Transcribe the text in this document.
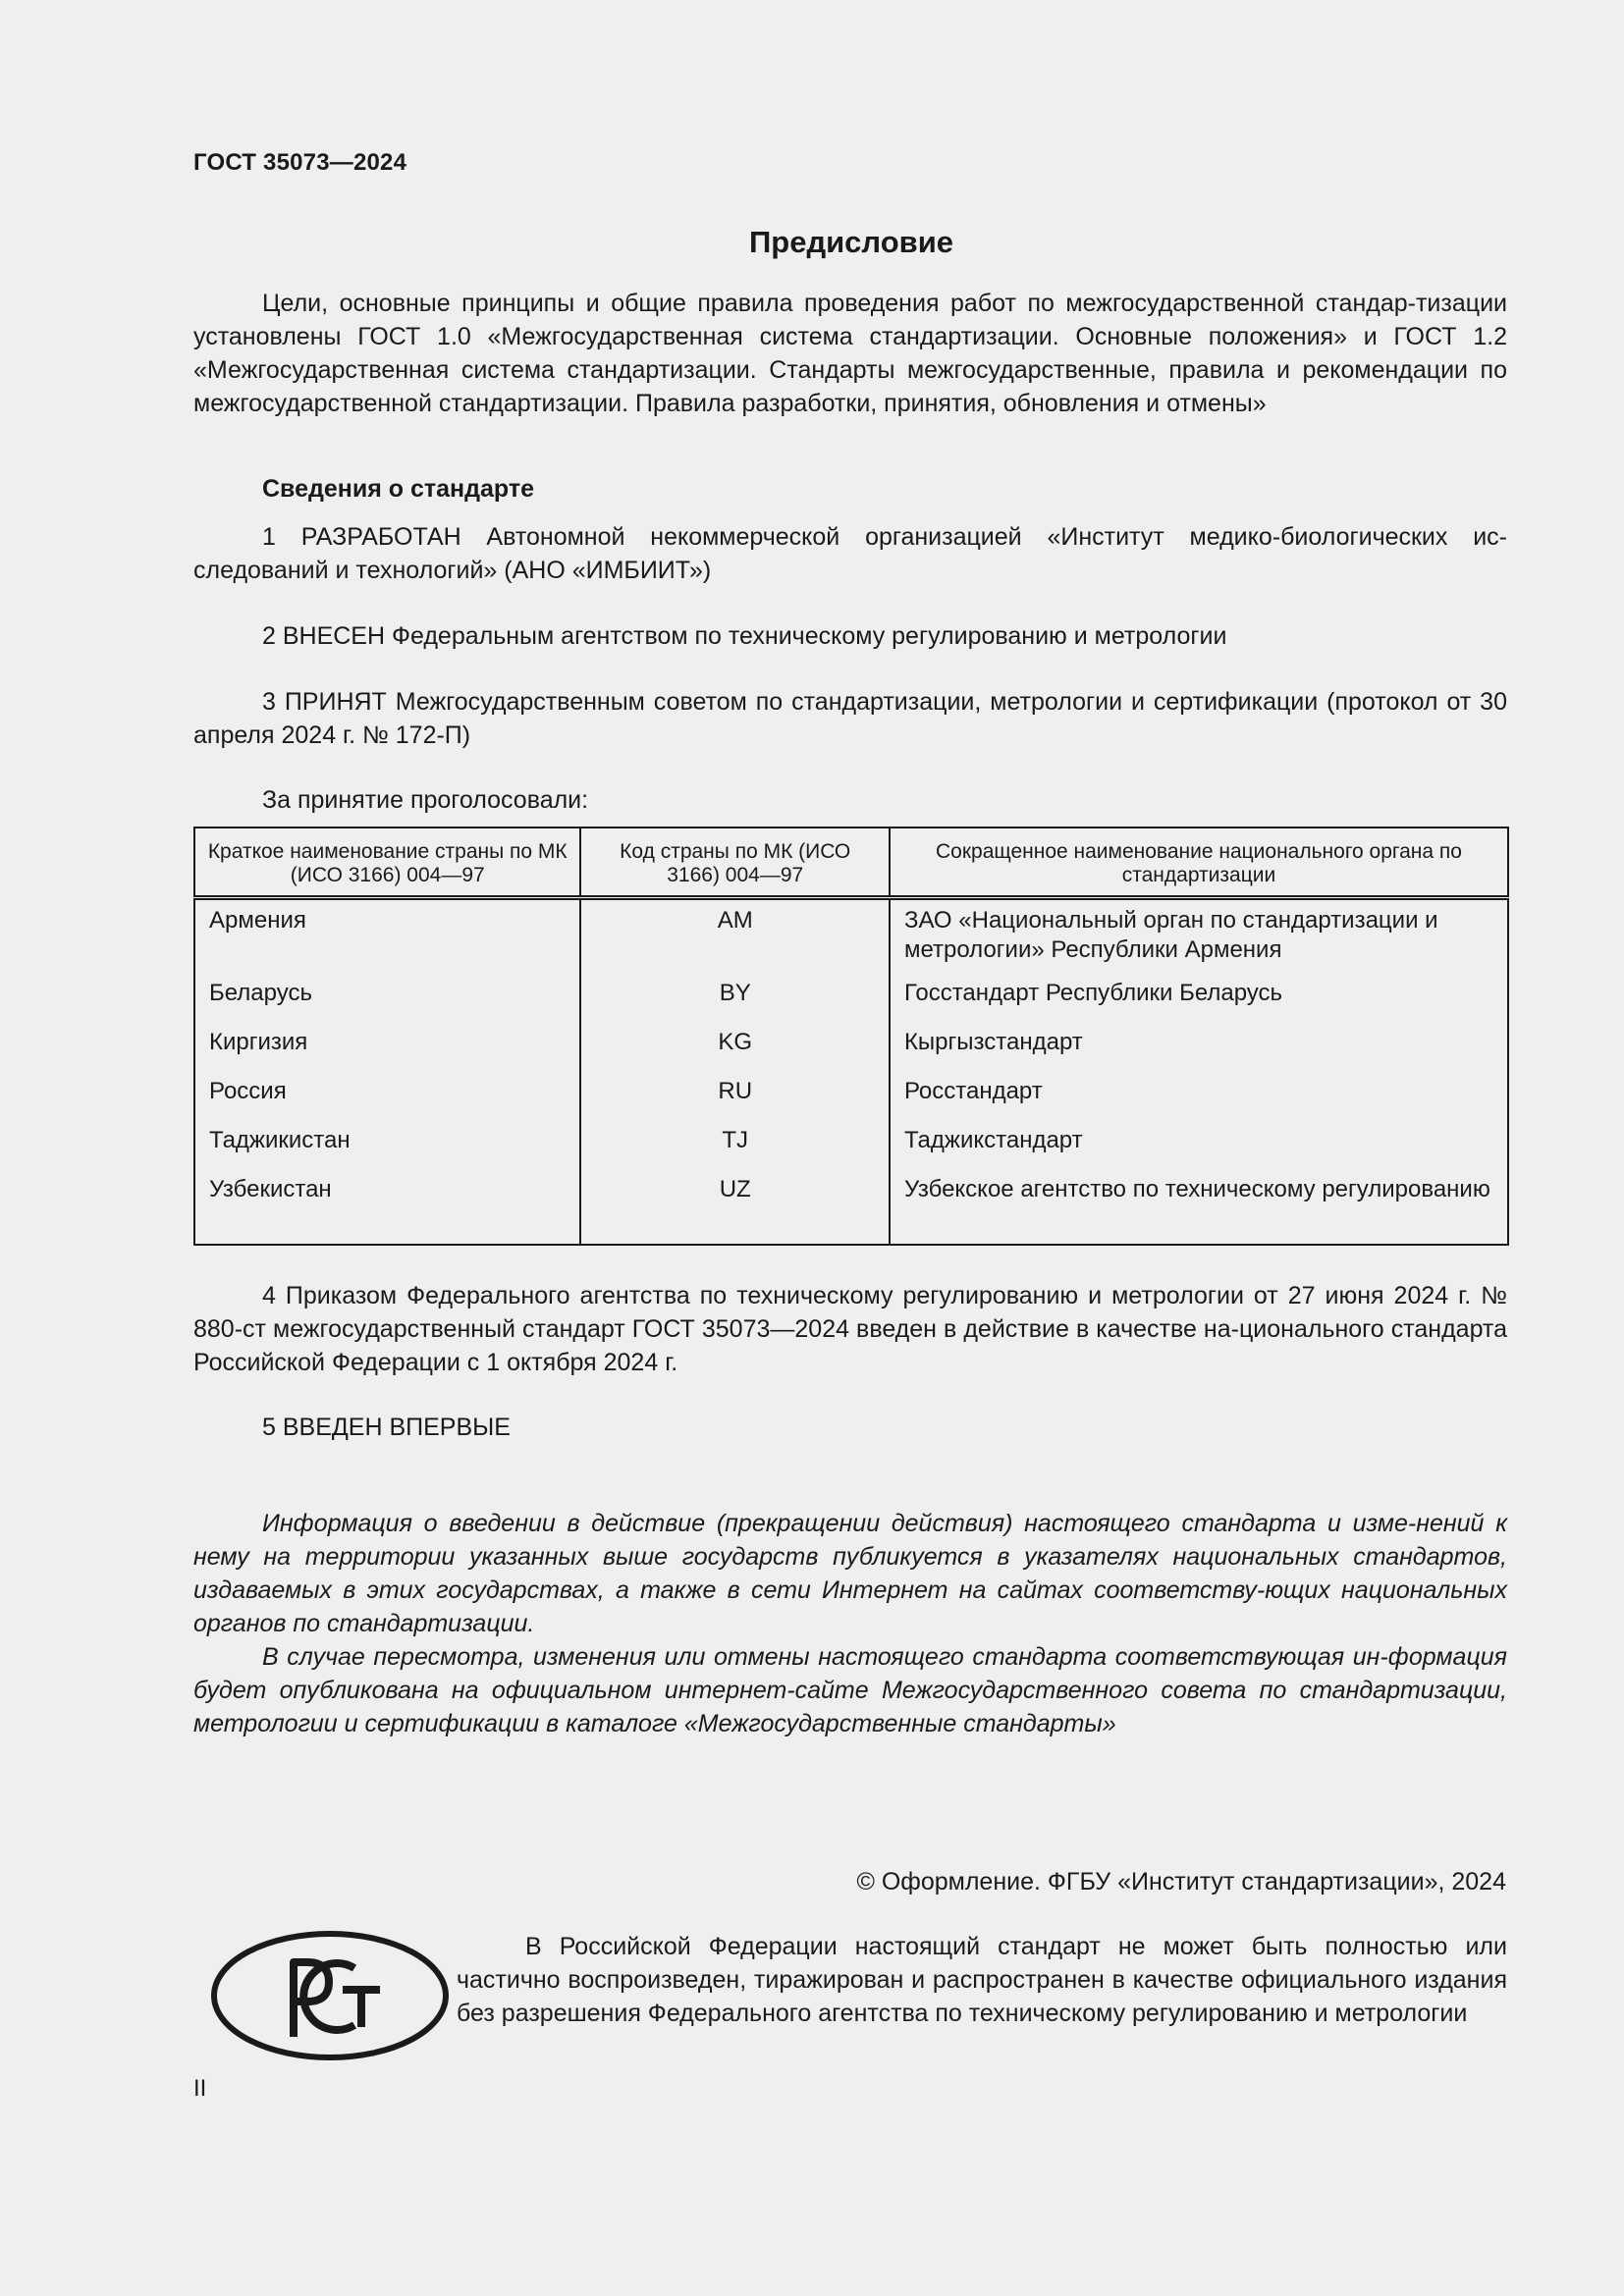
ГОСТ 35073—2024
Предисловие

Цели, основные принципы и общие правила проведения работ по межгосударственной стандар-тизации установлены ГОСТ 1.0 «Межгосударственная система стандартизации. Основные положения» и ГОСТ 1.2 «Межгосударственная система стандартизации. Стандарты межгосударственные, правила и рекомендации по межгосударственной стандартизации. Правила разработки, принятия, обновления и отмены»

Сведения о стандарте

1 РАЗРАБОТАН Автономной некоммерческой организацией «Институт медико-биологических ис-следований и технологий» (АНО «ИМБИИТ»)

2 ВНЕСЕН Федеральным агентством по техническому регулированию и метрологии

3 ПРИНЯТ Межгосударственным советом по стандартизации, метрологии и сертификации (протокол от 30 апреля 2024 г. № 172-П)

За принятие проголосовали:

Краткое наименование страны по МК (ИСО 3166) 004—97	Код страны по МК (ИСО 3166) 004—97	Сокращенное наименование национального органа по стандартизации
Армения	AM	ЗАО «Национальный орган по стандартизации и метрологии» Республики Армения
Беларусь	BY	Госстандарт Республики Беларусь
Киргизия	KG	Кыргызстандарт
Россия	RU	Росстандарт
Таджикистан	TJ	Таджикстандарт
Узбекистан	UZ	Узбекское агентство по техническому регулированию

4 Приказом Федерального агентства по техническому регулированию и метрологии от 27 июня 2024 г. № 880-ст межгосударственный стандарт ГОСТ 35073—2024 введен в действие в качестве на-ционального стандарта Российской Федерации с 1 октября 2024 г.

5 ВВЕДЕН ВПЕРВЫЕ

Информация о введении в действие (прекращении действия) настоящего стандарта и изме-нений к нему на территории указанных выше государств публикуется в указателях национальных стандартов, издаваемых в этих государствах, а также в сети Интернет на сайтах соответству-ющих национальных органов по стандартизации.

В случае пересмотра, изменения или отмены настоящего стандарта соответствующая ин-формация будет опубликована на официальном интернет-сайте Межгосударственного совета по стандартизации, метрологии и сертификации в каталоге «Межгосударственные стандарты»

© Оформление. ФГБУ «Институт стандартизации», 2024

В Российской Федерации настоящий стандарт не может быть полностью или частично воспроизведен, тиражирован и распространен в качестве официального издания без разрешения Федерального агентства по техническому регулированию и метрологии

II
